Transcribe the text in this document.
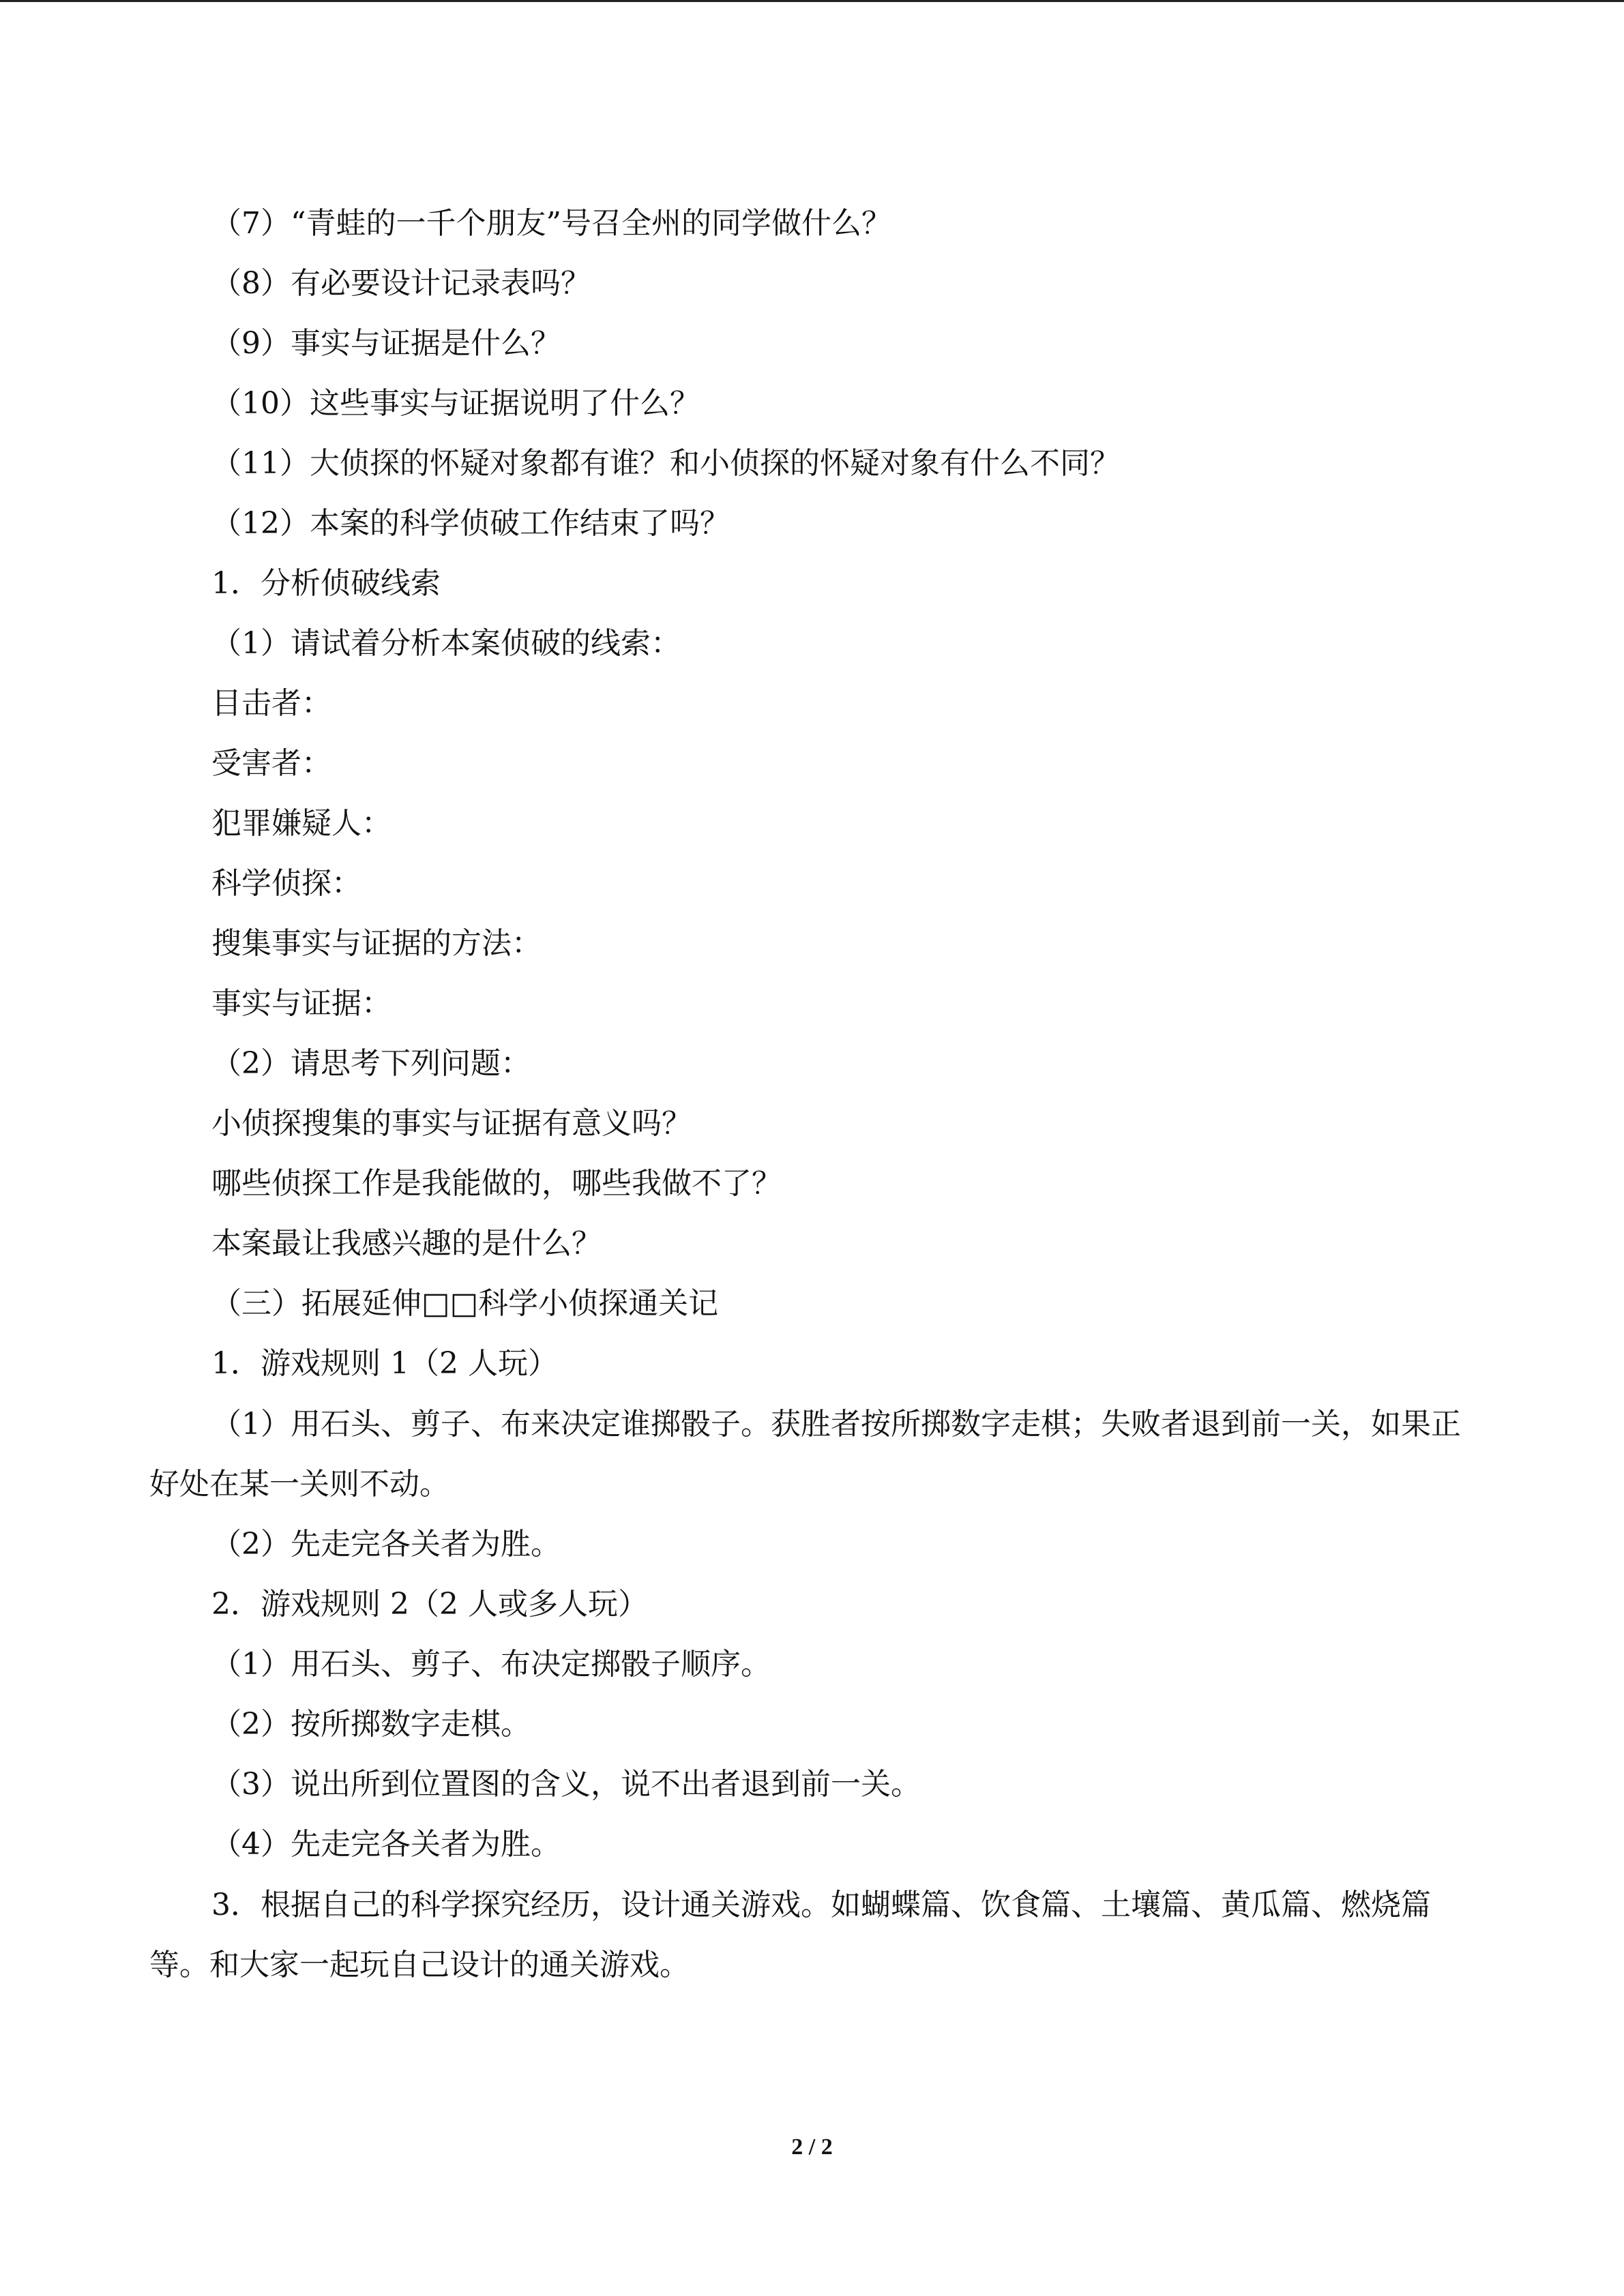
（7）“青蛙的一千个朋友”号召全州的同学做什么？
（8）有必要设计记录表吗？
（9）事实与证据是什么？
（10）这些事实与证据说明了什么？
（11）大侦探的怀疑对象都有谁？和小侦探的怀疑对象有什么不同？
（12）本案的科学侦破工作结束了吗？
1．分析侦破线索
（1）请试着分析本案侦破的线索：
目击者：
受害者：
犯罪嫌疑人：
科学侦探：
搜集事实与证据的方法：
事实与证据：
（2）请思考下列问题：
小侦探搜集的事实与证据有意义吗？
哪些侦探工作是我能做的，哪些我做不了？
本案最让我感兴趣的是什么？
（三）拓展延伸□□科学小侦探通关记
1．游戏规则 1（2 人玩）
（1）用石头、剪子、布来决定谁掷骰子。获胜者按所掷数字走棋；失败者退到前一关，如果正好处在某一关则不动。
（2）先走完各关者为胜。
2．游戏规则 2（2 人或多人玩）
（1）用石头、剪子、布决定掷骰子顺序。
（2）按所掷数字走棋。
（3）说出所到位置图的含义，说不出者退到前一关。
（4）先走完各关者为胜。
3．根据自己的科学探究经历，设计通关游戏。如蝴蝶篇、饮食篇、土壤篇、黄瓜篇、燃烧篇等。和大家一起玩自己设计的通关游戏。
2 / 2
